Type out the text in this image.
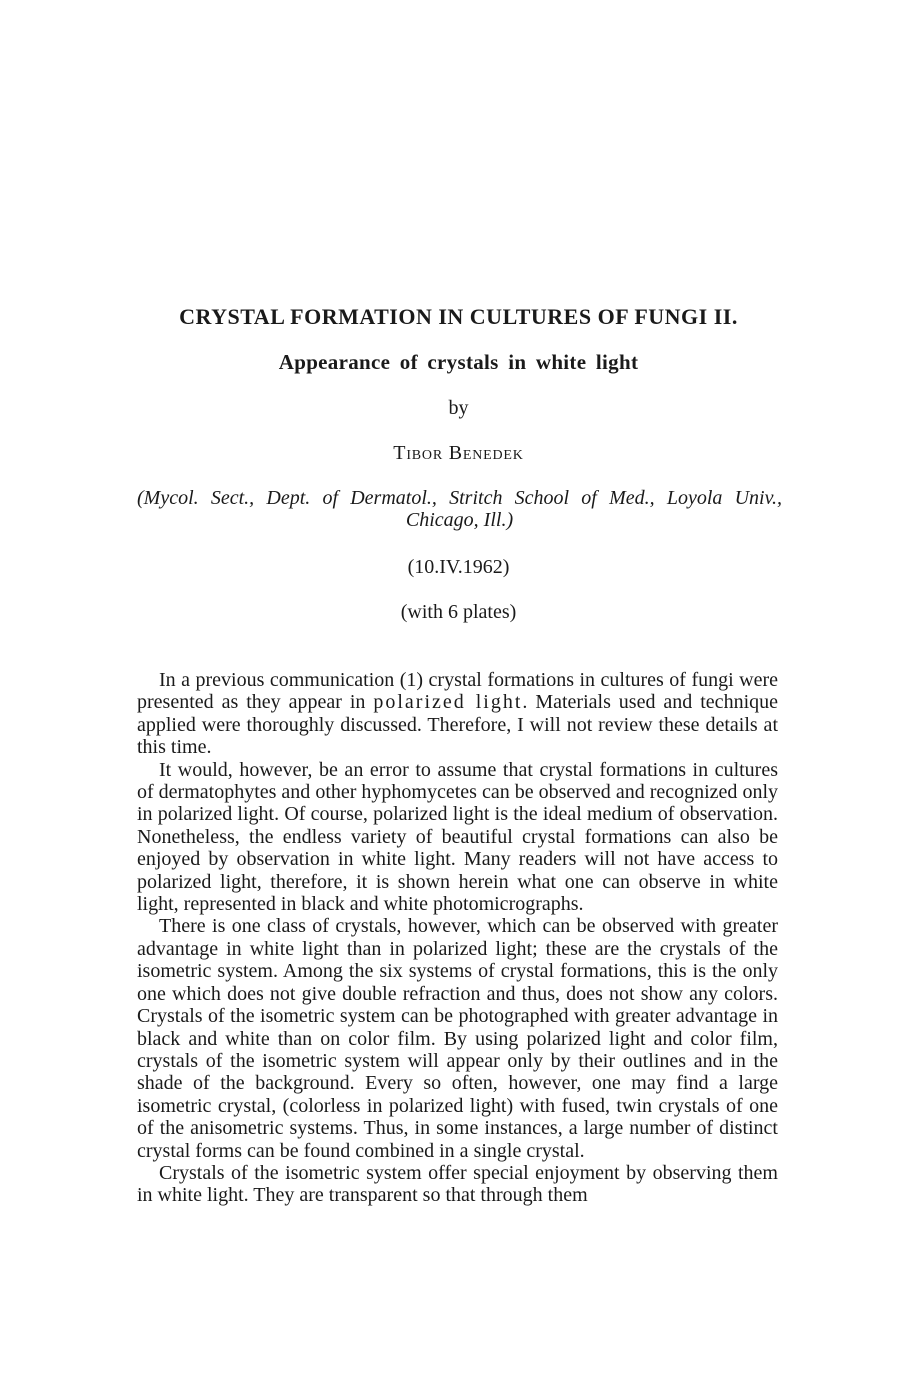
CRYSTAL FORMATION IN CULTURES OF FUNGI II.
Appearance of crystals in white light
by
Tibor Benedek
(Mycol. Sect., Dept. of Dermatol., Stritch School of Med., Loyola Univ., Chicago, Ill.)
(10.IV.1962)
(with 6 plates)

In a previous communication (1) crystal formations in cultures of fungi were presented as they appear in polarized light. Materials used and technique applied were thoroughly discussed. Therefore, I will not review these details at this time.

It would, however, be an error to assume that crystal formations in cultures of dermatophytes and other hyphomycetes can be observed and recognized only in polarized light. Of course, polarized light is the ideal medium of observation. Nonetheless, the endless variety of beautiful crystal formations can also be enjoyed by observation in white light. Many readers will not have access to polarized light, therefore, it is shown herein what one can observe in white light, represented in black and white photomicrographs.

There is one class of crystals, however, which can be observed with greater advantage in white light than in polarized light; these are the crystals of the isometric system. Among the six systems of crystal formations, this is the only one which does not give double refraction and thus, does not show any colors. Crystals of the isometric system can be photographed with greater advantage in black and white than on color film. By using polarized light and color film, crystals of the isometric system will appear only by their outlines and in the shade of the background. Every so often, however, one may find a large isometric crystal, (colorless in polarized light) with fused, twin crystals of one of the anisometric systems. Thus, in some instances, a large number of distinct crystal forms can be found combined in a single crystal.

Crystals of the isometric system offer special enjoyment by observing them in white light. They are transparent so that through them
